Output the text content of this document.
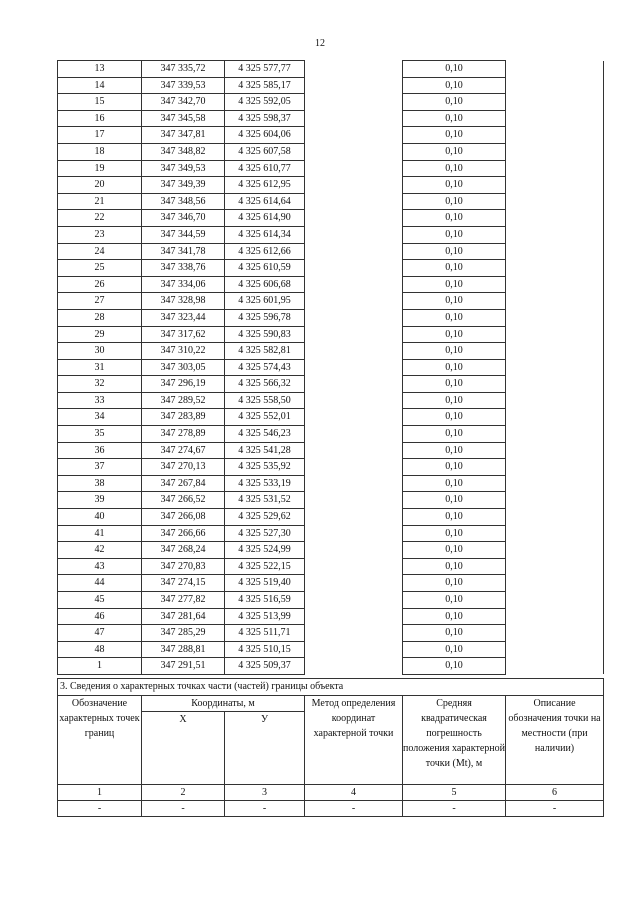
12
13	347 335,72	4 325 577,77		0,10	
14	347 339,53	4 325 585,17		0,10	
15	347 342,70	4 325 592,05		0,10	
16	347 345,58	4 325 598,37		0,10	
17	347 347,81	4 325 604,06		0,10	
18	347 348,82	4 325 607,58		0,10	
19	347 349,53	4 325 610,77		0,10	
20	347 349,39	4 325 612,95		0,10	
21	347 348,56	4 325 614,64		0,10	
22	347 346,70	4 325 614,90		0,10	
23	347 344,59	4 325 614,34		0,10	
24	347 341,78	4 325 612,66		0,10	
25	347 338,76	4 325 610,59		0,10	
26	347 334,06	4 325 606,68		0,10	
27	347 328,98	4 325 601,95		0,10	
28	347 323,44	4 325 596,78		0,10	
29	347 317,62	4 325 590,83		0,10	
30	347 310,22	4 325 582,81		0,10	
31	347 303,05	4 325 574,43		0,10	
32	347 296,19	4 325 566,32		0,10	
33	347 289,52	4 325 558,50		0,10	
34	347 283,89	4 325 552,01		0,10	
35	347 278,89	4 325 546,23		0,10	
36	347 274,67	4 325 541,28		0,10	
37	347 270,13	4 325 535,92		0,10	
38	347 267,84	4 325 533,19		0,10	
39	347 266,52	4 325 531,52		0,10	
40	347 266,08	4 325 529,62		0,10	
41	347 266,66	4 325 527,30		0,10	
42	347 268,24	4 325 524,99		0,10	
43	347 270,83	4 325 522,15		0,10	
44	347 274,15	4 325 519,40		0,10	
45	347 277,82	4 325 516,59		0,10	
46	347 281,64	4 325 513,99		0,10	
47	347 285,29	4 325 511,71		0,10	
48	347 288,81	4 325 510,15		0,10	
1	347 291,51	4 325 509,37		0,10	
3. Сведения о характерных точках части (частей) границы объекта					
Обозначение характерных точек границ	Координаты, м		Метод определения координат характерной точки	Средняя квадратическая погрешность положения характерной точки (Mt), м	Описание обозначения точки на местности (при наличии)
	Х	У			
1	2	3	4	5	6
-	-	-	-	-	-
